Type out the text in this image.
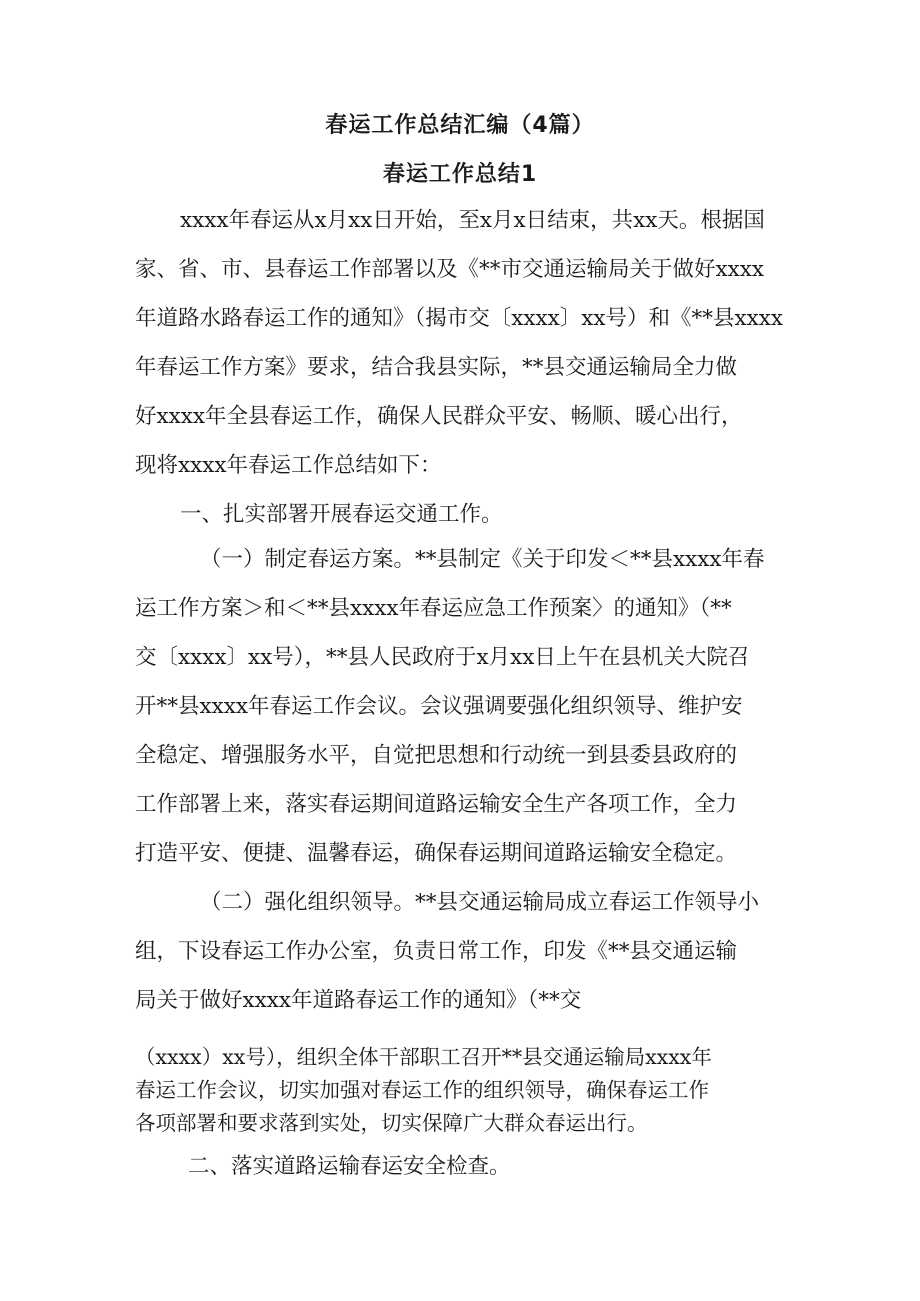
春运工作总结汇编（4篇）
春运工作总结1
xxxx年春运从x月xx日开始，至x月x日结束，共xx天。根据国
家、省、市、县春运工作部署以及《**市交通运输局关于做好xxxx
年道路水路春运工作的通知》（揭市交〔xxxx〕xx号）和《**县xxxx
年春运工作方案》要求，结合我县实际，**县交通运输局全力做
好xxxx年全县春运工作，确保人民群众平安、畅顺、暖心出行，
现将xxxx年春运工作总结如下：
一、扎实部署开展春运交通工作。
（一）制定春运方案。**县制定《关于印发＜**县xxxx年春
运工作方案＞和＜**县xxxx年春运应急工作预案〉的通知》（**
交〔xxxx〕xx号），**县人民政府于x月xx日上午在县机关大院召
开**县xxxx年春运工作会议。会议强调要强化组织领导、维护安
全稳定、增强服务水平，自觉把思想和行动统一到县委县政府的
工作部署上来，落实春运期间道路运输安全生产各项工作，全力
打造平安、便捷、温馨春运，确保春运期间道路运输安全稳定。
（二）强化组织领导。**县交通运输局成立春运工作领导小
组，下设春运工作办公室，负责日常工作，印发《**县交通运输
局关于做好xxxx年道路春运工作的通知》（**交
（xxxx）xx号），组织全体干部职工召开**县交通运输局xxxx年
春运工作会议，切实加强对春运工作的组织领导，确保春运工作
各项部署和要求落到实处，切实保障广大群众春运出行。
二、落实道路运输春运安全检查。
